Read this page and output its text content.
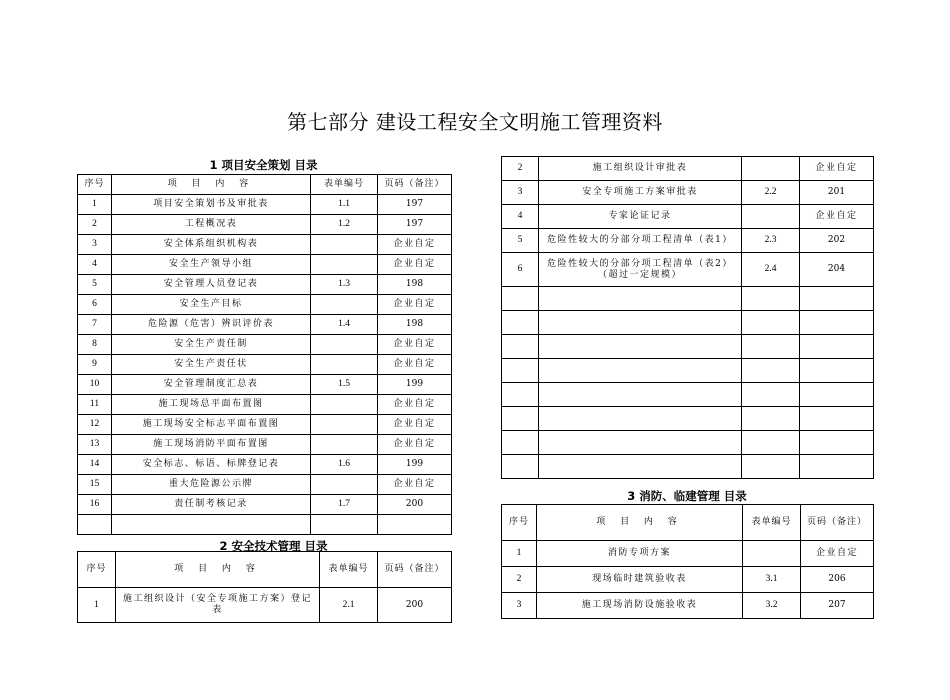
第七部分 建设工程安全文明施工管理资料
1 项目安全策划 目录
序号	项 目 内 容	表单编号	页码（备注）
1	项目安全策划书及审批表	1.1	197
2	工程概况表	1.2	197
3	安全体系组织机构表		企业自定
4	安全生产领导小组		企业自定
5	安全管理人员登记表	1.3	198
6	安全生产目标		企业自定
7	危险源（危害）辨识评价表	1.4	198
8	安全生产责任制		企业自定
9	安全生产责任状		企业自定
10	安全管理制度汇总表	1.5	199
11	施工现场总平面布置图		企业自定
12	施工现场安全标志平面布置图		企业自定
13	施工现场消防平面布置图		企业自定
14	安全标志、标语、标牌登记表	1.6	199
15	重大危险源公示牌		企业自定
16	责任制考核记录	1.7	200

2 安全技术管理 目录
序号	项 目 内 容	表单编号	页码（备注）
1	施工组织设计（安全专项施工方案）登记表	2.1	200
2	施工组织设计审批表		企业自定
3	安全专项施工方案审批表	2.2	201
4	专家论证记录		企业自定
5	危险性较大的分部分项工程清单（表1）	2.3	202
6	危险性较大的分部分项工程清单（表2）（超过一定规模）	2.4	204

3 消防、临建管理 目录
序号	项 目 内 容	表单编号	页码（备注）
1	消防专项方案		企业自定
2	现场临时建筑验收表	3.1	206
3	施工现场消防设施验收表	3.2	207
